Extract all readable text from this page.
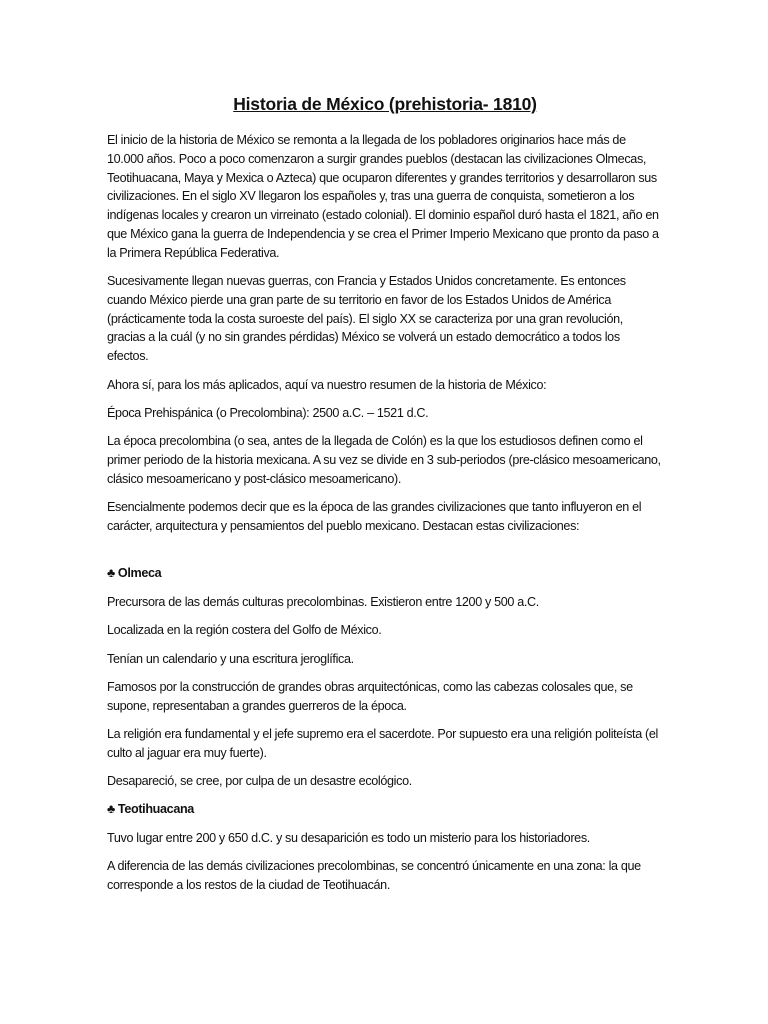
Historia de México (prehistoria- 1810)

El inicio de la historia de México se remonta a la llegada de los pobladores originarios hace más de 10.000 años. Poco a poco comenzaron a surgir grandes pueblos (destacan las civilizaciones Olmecas, Teotihuacana, Maya y Mexica o Azteca) que ocuparon diferentes y grandes territorios y desarrollaron sus civilizaciones. En el siglo XV llegaron los españoles y, tras una guerra de conquista, sometieron a los indígenas locales y crearon un virreinato (estado colonial). El dominio español duró hasta el 1821, año en que México gana la guerra de Independencia y se crea el Primer Imperio Mexicano que pronto da paso a la Primera República Federativa.

Sucesivamente llegan nuevas guerras, con Francia y Estados Unidos concretamente. Es entonces cuando México pierde una gran parte de su territorio en favor de los Estados Unidos de América (prácticamente toda la costa suroeste del país). El siglo XX se caracteriza por una gran revolución, gracias a la cuál (y no sin grandes pérdidas) México se volverá un estado democrático a todos los efectos.

Ahora sí, para los más aplicados, aquí va nuestro resumen de la historia de México:

Época Prehispánica (o Precolombina): 2500 a.C. – 1521 d.C.

La época precolombina (o sea, antes de la llegada de Colón) es la que los estudiosos definen como el primer periodo de la historia mexicana. A su vez se divide en 3 sub-periodos (pre-clásico mesoamericano, clásico mesoamericano y post-clásico mesoamericano).

Esencialmente podemos decir que es la época de las grandes civilizaciones que tanto influyeron en el carácter, arquitectura y pensamientos del pueblo mexicano. Destacan estas civilizaciones:

♣ Olmeca

Precursora de las demás culturas precolombinas. Existieron entre 1200 y 500 a.C.

Localizada en la región costera del Golfo de México.

Tenían un calendario y una escritura jeroglífica.

Famosos por la construcción de grandes obras arquitectónicas, como las cabezas colosales que, se supone, representaban a grandes guerreros de la época.

La religión era fundamental y el jefe supremo era el sacerdote. Por supuesto era una religión politeísta (el culto al jaguar era muy fuerte).

Desapareció, se cree, por culpa de un desastre ecológico.

♣ Teotihuacana

Tuvo lugar entre 200 y 650 d.C. y su desaparición es todo un misterio para los historiadores.

A diferencia de las demás civilizaciones precolombinas, se concentró únicamente en una zona: la que corresponde a los restos de la ciudad de Teotihuacán.
